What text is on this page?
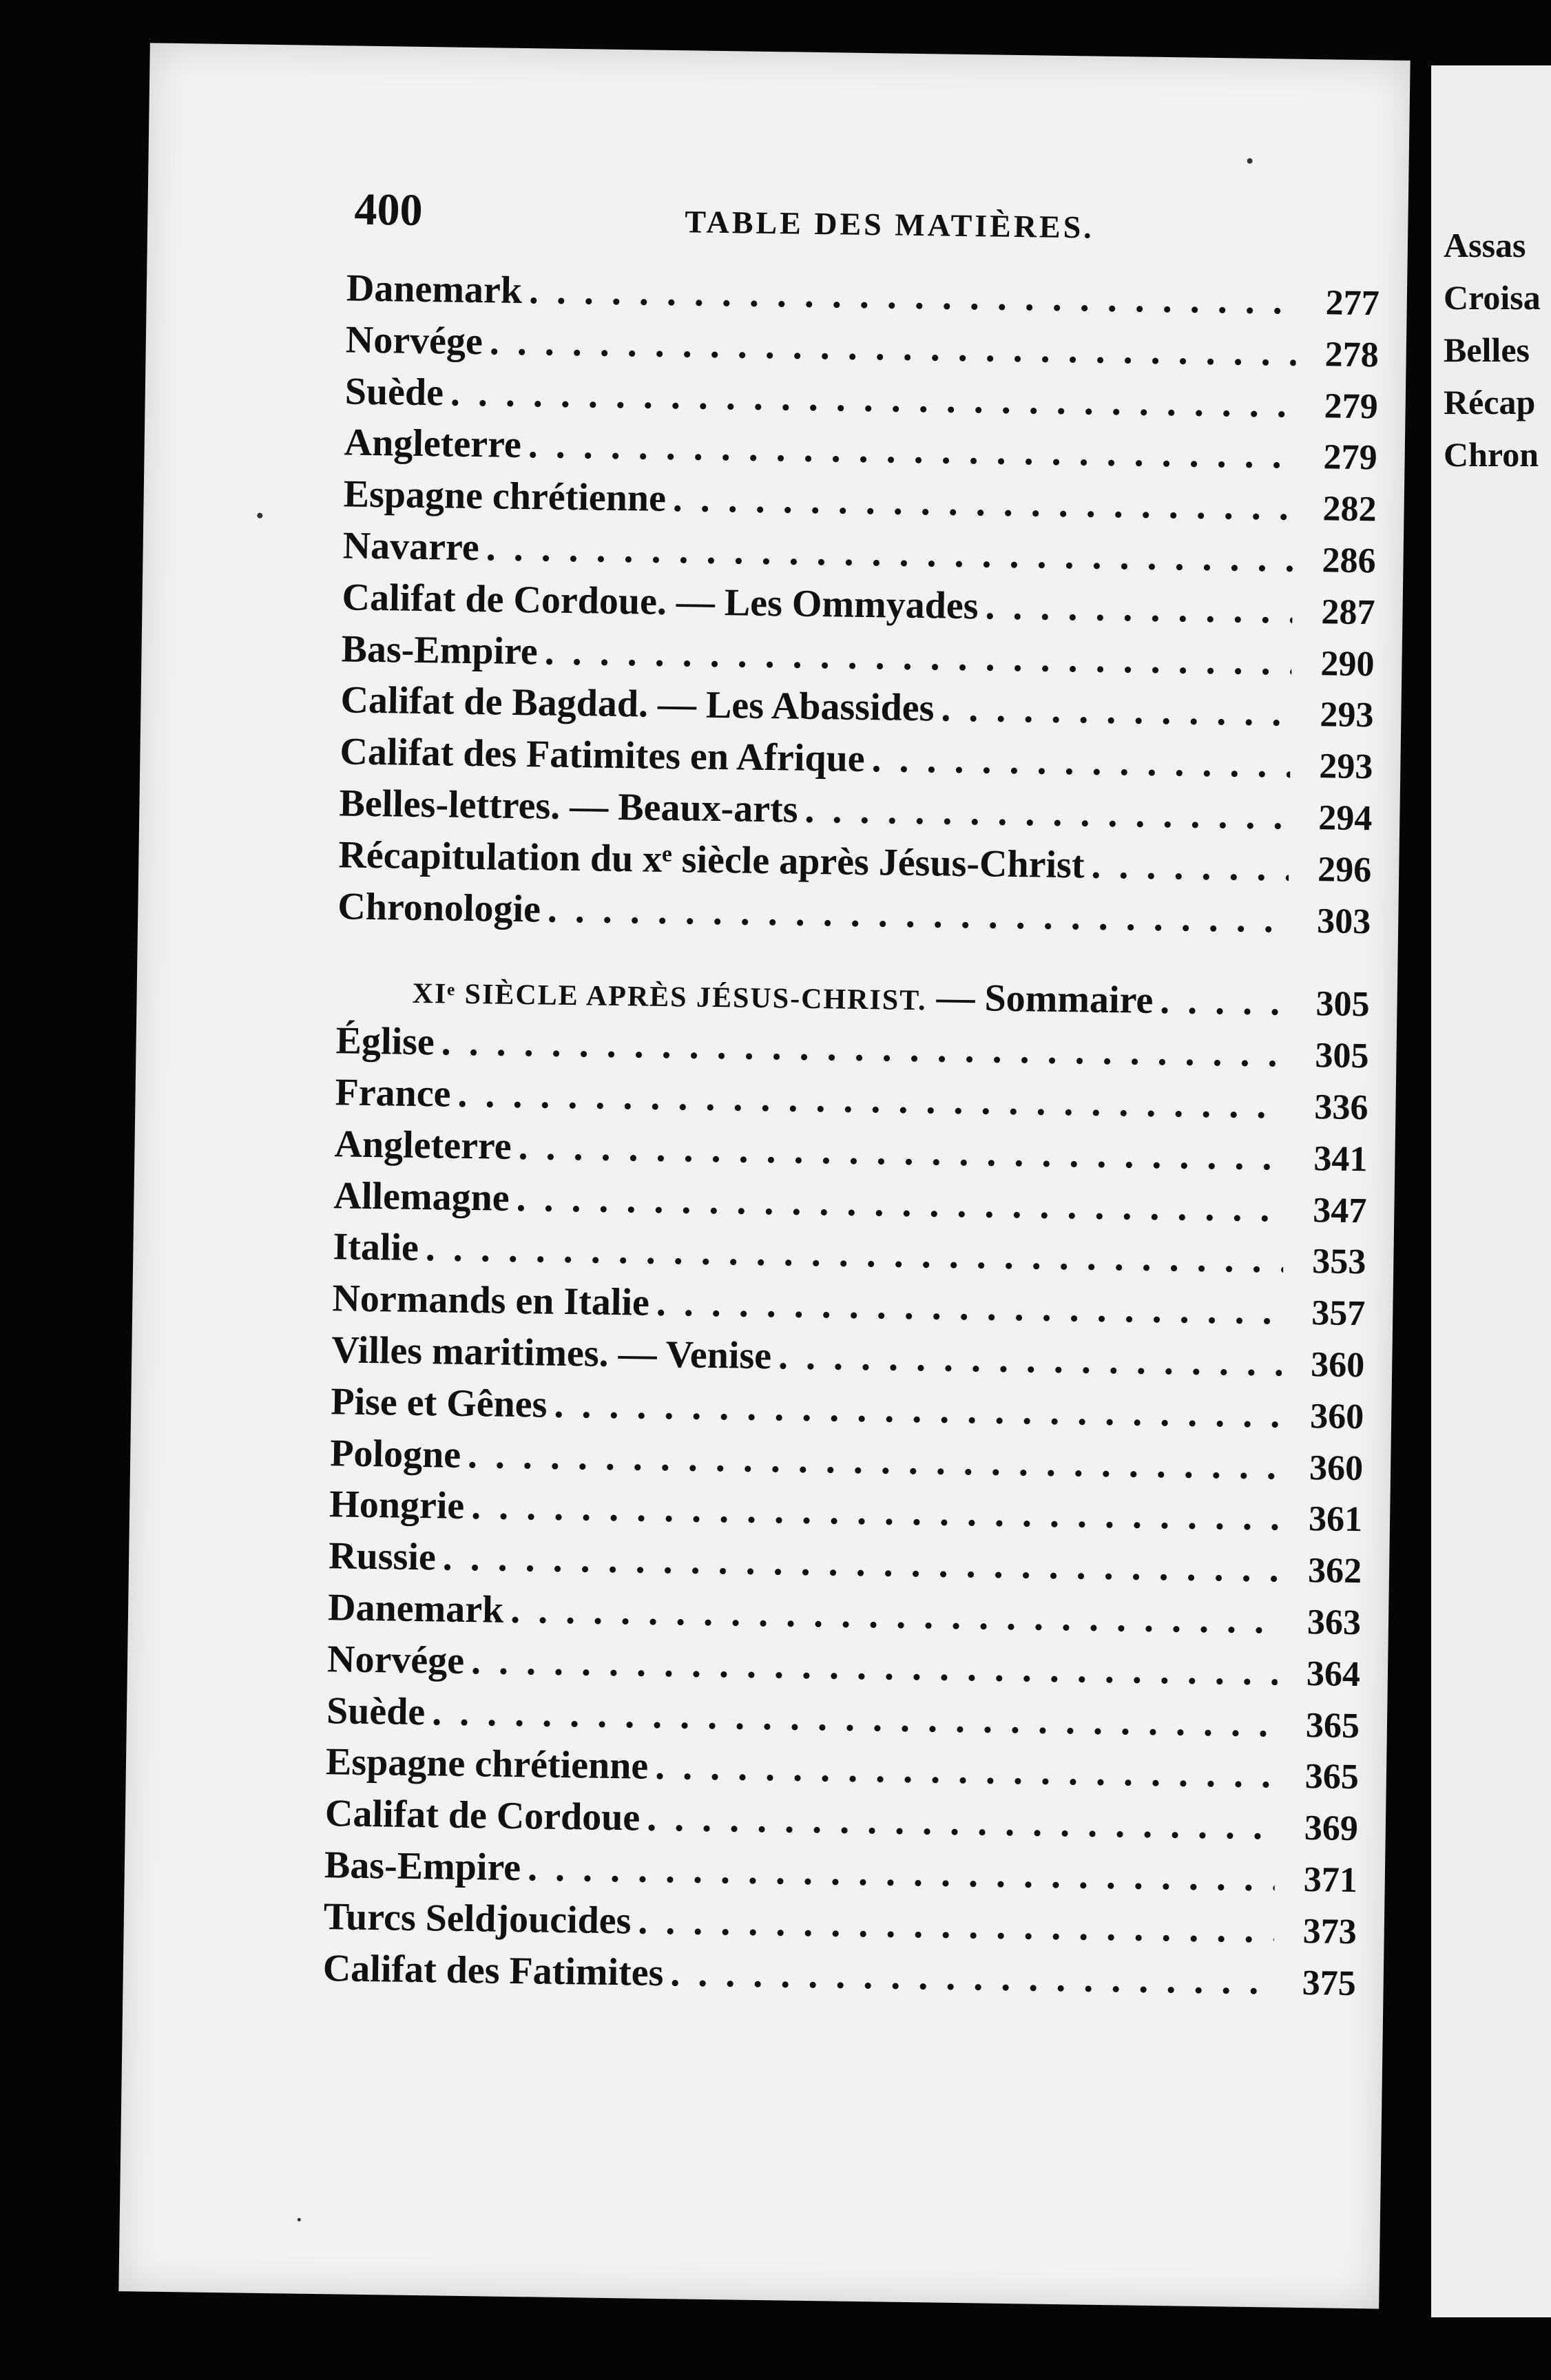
400	TABLE DES MATIÈRES.
Danemark . . .	277
Norvége . . .	278
Suède . . .	279
Angleterre . . .	279
Espagne chrétienne . . .	282
Navarre . . .	286
Califat de Cordoue. — Les Ommyades . . .	287
Bas-Empire . . .	290
Califat de Bagdad. — Les Abassides . . .	293
Califat des Fatimites en Afrique . . .	293
Belles-lettres. — Beaux-arts . . .	294
Récapitulation du xᵉ siècle après Jésus-Christ . . .	296
Chronologie . . .	303
XIᵉ SIÈCLE APRÈS JÉSUS-CHRIST. — Sommaire . . .	305
Église . . .	305
France . . .	336
Angleterre . . .	341
Allemagne . . .	347
Italie . . .	353
Normands en Italie . . .	357
Villes maritimes. — Venise . . .	360
Pise et Gênes . . .	360
Pologne . . .	360
Hongrie . . .	361
Russie . . .	362
Danemark . . .	363
Norvége . . .	364
Suède . . .	365
Espagne chrétienne . . .	365
Califat de Cordoue . . .	369
Bas-Empire . . .	371
Turcs Seldjoucides . . .	373
Califat des Fatimites . . .	375
Assas
Croisa
Belles
Récap
Chron
